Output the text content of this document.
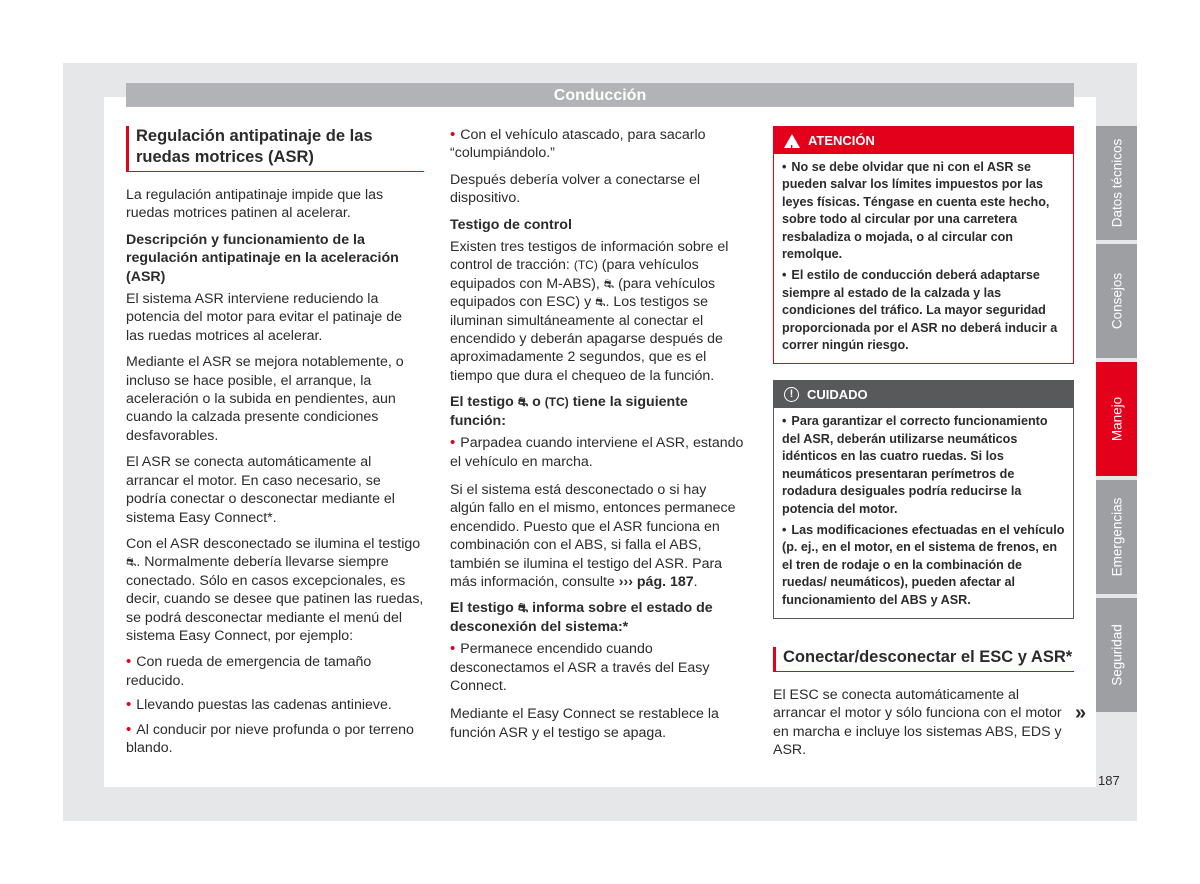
Conducción
Regulación antipatinaje de las ruedas motrices (ASR)

La regulación antipatinaje impide que las ruedas motrices patinen al acelerar.

Descripción y funcionamiento de la regulación antipatinaje en la aceleración (ASR)

El sistema ASR interviene reduciendo la potencia del motor para evitar el patinaje de las ruedas motrices al acelerar.

Mediante el ASR se mejora notablemente, o incluso se hace posible, el arranque, la aceleración o la subida en pendientes, aun cuando la calzada presente condiciones desfavorables.

El ASR se conecta automáticamente al arrancar el motor. En caso necesario, se podría conectar o desconectar mediante el sistema Easy Connect*.

Con el ASR desconectado se ilumina el testigo ⛐. Normalmente debería llevarse siempre conectado. Sólo en casos excepcionales, es decir, cuando se desee que patinen las ruedas, se podrá desconectar mediante el menú del sistema Easy Connect, por ejemplo:

• Con rueda de emergencia de tamaño reducido.
• Llevando puestas las cadenas antinieve.
• Al conducir por nieve profunda o por terreno blando.
• Con el vehículo atascado, para sacarlo “columpiándolo.”

Después debería volver a conectarse el dispositivo.

Testigo de control

Existen tres testigos de información sobre el control de tracción: (TC) (para vehículos equipados con M-ABS), ⛐ (para vehículos equipados con ESC) y ⛐. Los testigos se iluminan simultáneamente al conectar el encendido y deberán apagarse después de aproximadamente 2 segundos, que es el tiempo que dura el chequeo de la función.

El testigo ⛐ o (TC) tiene la siguiente función:

• Parpadea cuando interviene el ASR, estando el vehículo en marcha.

Si el sistema está desconectado o si hay algún fallo en el mismo, entonces permanece encendido. Puesto que el ASR funciona en combinación con el ABS, si falla el ABS, también se ilumina el testigo del ASR. Para más información, consulte ››› pág. 187.

El testigo ⛐ informa sobre el estado de desconexión del sistema:*

• Permanece encendido cuando desconectamos el ASR a través del Easy Connect.

Mediante el Easy Connect se restablece la función ASR y el testigo se apaga.

!
ATENCIÓN
• No se debe olvidar que ni con el ASR se pueden salvar los límites impuestos por las leyes físicas. Téngase en cuenta este hecho, sobre todo al circular por una carretera resbaladiza o mojada, o al circular con remolque.
• El estilo de conducción deberá adaptarse siempre al estado de la calzada y las condiciones del tráfico. La mayor seguridad proporcionada por el ASR no deberá inducir a correr ningún riesgo.
!	CUIDADO
• Para garantizar el correcto funcionamiento del ASR, deberán utilizarse neumáticos idénticos en las cuatro ruedas. Si los neumáticos presentaran perímetros de rodadura desiguales podría reducirse la potencia del motor.
• Las modificaciones efectuadas en el vehículo (p. ej., en el motor, en el sistema de frenos, en el tren de rodaje o en la combinación de ruedas/ neumáticos), pueden afectar al funcionamiento del ABS y ASR.
Conectar/desconectar el ESC y ASR*

El ESC se conecta automáticamente al arrancar el motor y sólo funciona con el motor en marcha e incluye los sistemas ABS, EDS y ASR.

»
Datos técnicos
Consejos
Manejo
Emergencias
Seguridad
187
